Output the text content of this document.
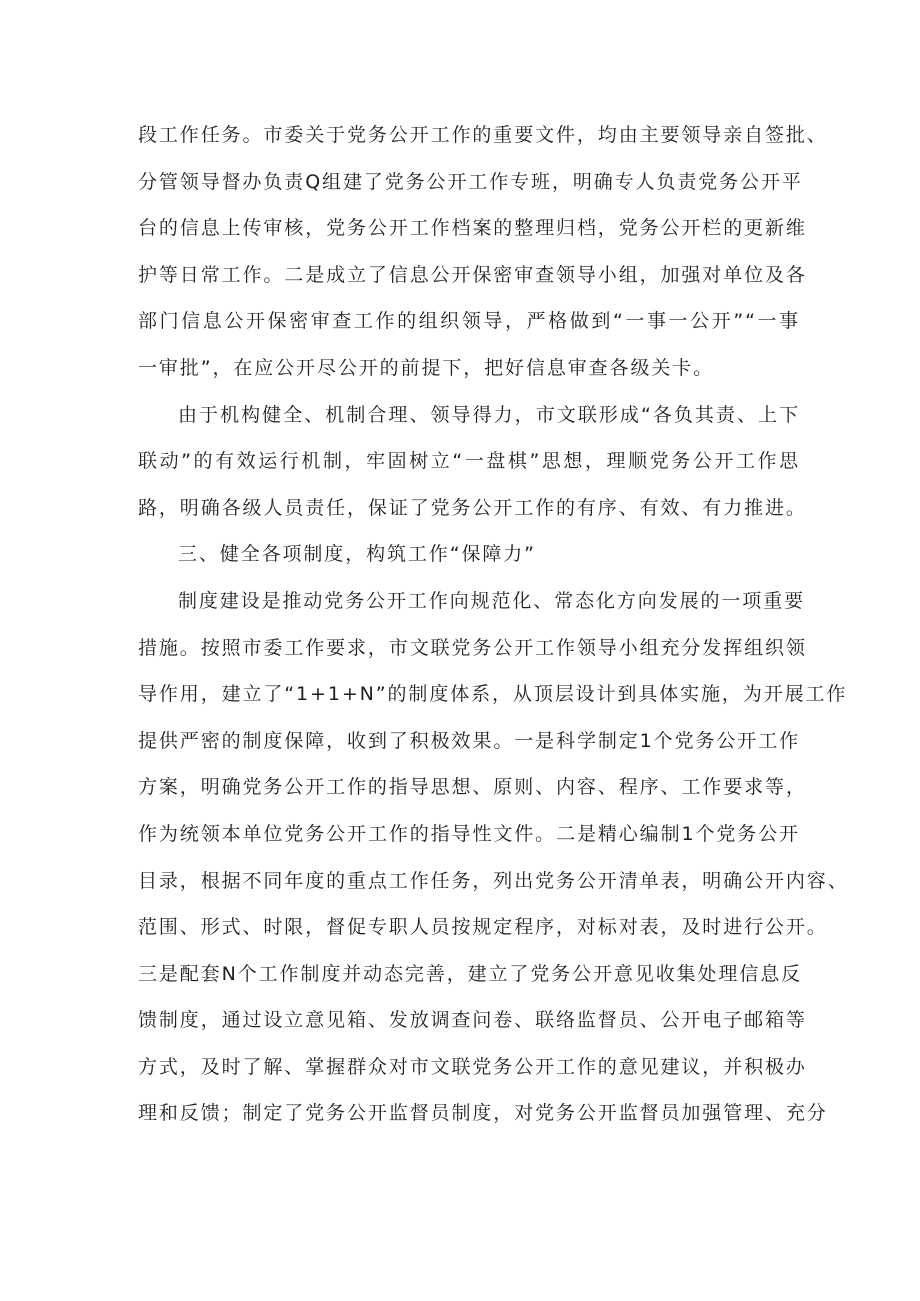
段工作任务。市委关于党务公开工作的重要文件，均由主要领导亲自签批、
分管领导督办负责Q组建了党务公开工作专班，明确专人负责党务公开平
台的信息上传审核，党务公开工作档案的整理归档，党务公开栏的更新维
护等日常工作。二是成立了信息公开保密审查领导小组，加强对单位及各
部门信息公开保密审查工作的组织领导，严格做到“一事一公开”“一事
一审批”，在应公开尽公开的前提下，把好信息审查各级关卡。
由于机构健全、机制合理、领导得力，市文联形成“各负其责、上下
联动”的有效运行机制，牢固树立“一盘棋”思想，理顺党务公开工作思
路，明确各级人员责任，保证了党务公开工作的有序、有效、有力推进。
三、健全各项制度，构筑工作“保障力”
制度建设是推动党务公开工作向规范化、常态化方向发展的一项重要
措施。按照市委工作要求，市文联党务公开工作领导小组充分发挥组织领
导作用，建立了“1+1+N”的制度体系，从顶层设计到具体实施，为开展工作
提供严密的制度保障，收到了积极效果。一是科学制定1个党务公开工作
方案，明确党务公开工作的指导思想、原则、内容、程序、工作要求等，
作为统领本单位党务公开工作的指导性文件。二是精心编制1个党务公开
目录，根据不同年度的重点工作任务，列出党务公开清单表，明确公开内容、
范围、形式、时限，督促专职人员按规定程序，对标对表，及时进行公开。
三是配套N个工作制度并动态完善，建立了党务公开意见收集处理信息反
馈制度，通过设立意见箱、发放调查问卷、联络监督员、公开电子邮箱等
方式，及时了解、掌握群众对市文联党务公开工作的意见建议，并积极办
理和反馈；制定了党务公开监督员制度，对党务公开监督员加强管理、充分
